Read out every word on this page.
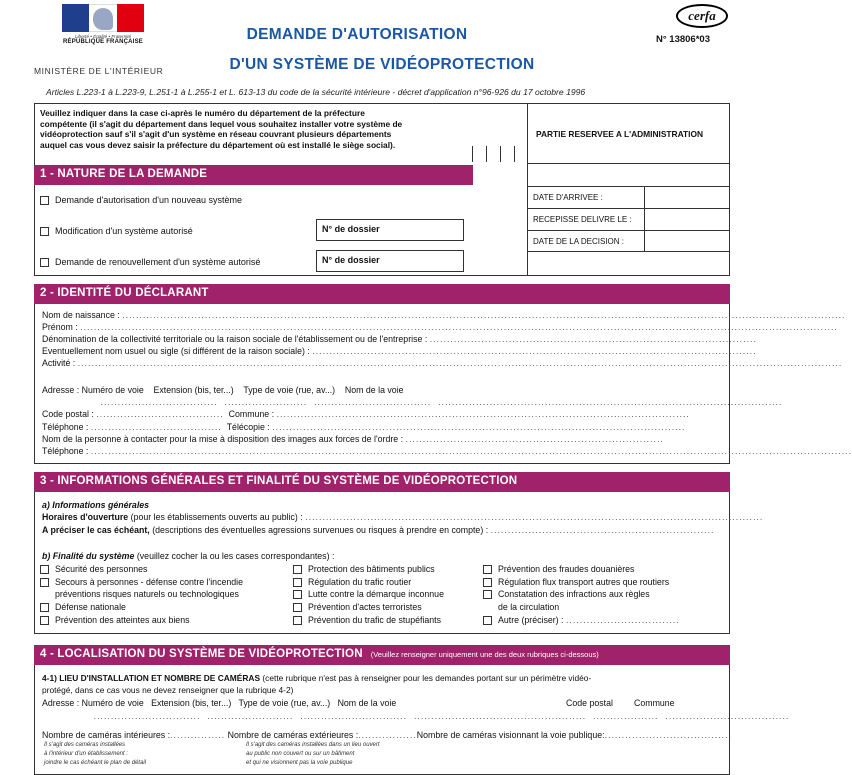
Liberté • Égalité • Fraternité
RÉPUBLIQUE FRANÇAISE
MINISTÈRE DE L'INTÉRIEUR
DEMANDE D'AUTORISATION
D'UN SYSTÈME DE VIDÉOPROTECTION
cerfa
N° 13806*03
Articles L.223-1 à L.223-9, L.251-1 à L.255-1 et L. 613-13 du code de la sécurité intérieure - décret d'application n°96-926 du 17 octobre 1996
Veuillez indiquer dans la case ci-après le numéro du département de la préfecture
compétente (il s'agit du département dans lequel vous souhaitez installer votre système de
vidéoprotection sauf s'il s'agit d'un système en réseau couvrant plusieurs départements
auquel cas vous devez saisir la préfecture du département où est installé le siège social).
PARTIE RESERVEE A L'ADMINISTRATION
DATE D'ARRIVEE :
RECEPISSE DELIVRE LE :
DATE DE LA DECISION :
1 - NATURE DE LA DEMANDE
Demande d'autorisation d'un nouveau système
Modification d'un système autorisé
Demande de renouvellement d'un système autorisé
N° de dossier
N° de dossier
2 - IDENTITÉ DU DÉCLARANT
Nom de naissance : ..................................................................................................................................................................................................................
Prénom : ............................................................................................................................................................................................................................
Dénomination de la collectivité territoriale ou la raison sociale de l'établissement ou de l'entreprise : ...............................................................................................
Eventuellement nom usuel ou sigle (si différent de la raison sociale) : .................................................................................................................................
Activité : ..............................................................................................................................................................................................................................
Adresse : Numéro de voie Extension (bis, ter...) Type de voie (rue, av...) Nom de la voie
..................................  ........................  ..................................  ....................................................................................................
Code postal : ..................................... Commune : ........................................................................................................................
Téléphone : ...................................... Télécopie : ........................................................................................................................
Nom de la personne à contacter pour la mise à disposition des images aux forces de l'ordre : ...........................................................................
Téléphone : .............................................................................................................................................................................................................................
3 - INFORMATIONS GÉNÉRALES ET FINALITÉ DU SYSTÈME DE VIDÉOPROTECTION
a) Informations générales
Horaires d'ouverture (pour les établissements ouverts au public) : .....................................................................................................................................
A préciser le cas échéant, (descriptions des éventuelles agressions survenues ou risques à prendre en compte) : .................................................................
b) Finalité du système (veuillez cocher la ou les cases correspondantes) :
Sécurité des personnes
Secours à personnes - défense contre l'incendie
préventions risques naturels ou technologiques
Défense nationale
Prévention des atteintes aux biens
Protection des bâtiments publics
Régulation du trafic routier
Lutte contre la démarque inconnue
Prévention d'actes terroristes
Prévention du trafic de stupéfiants
Prévention des fraudes douanières
Régulation flux transport autres que routiers
Constatation des infractions aux règles
de la circulation
Autre (préciser) :
.................................
4 - LOCALISATION DU SYSTÈME DE VIDÉOPROTECTION (Veuillez renseigner uniquement une des deux rubriques ci-dessous)
4-1) LIEU D'INSTALLATION ET NOMBRE DE CAMÉRAS (cette rubrique n'est pas à renseigner pour les demandes portant sur un périmètre vidéo-
protégé, dans ce cas vous ne devez renseigner que la rubrique 4-2)
Adresse : Numéro de voie Extension (bis, ter...) Type de voie (rue, av...) Nom de la voie	Code postal Commune
...............................  .........................  ...............................  ..................................................  ...................  ....................................
Nombre de caméras intérieures :................ Nombre de caméras extérieures :.................Nombre de caméras visionnant la voie publique:.....................................
Il s'agit des caméras installées
à l'intérieur d'un établissement :
joindre le cas échéant le plan de détail
Il s'agit des caméras installées dans un lieu ouvert
au public non couvert ou sur un bâtiment
et qui ne visionnent pas la voie publique
